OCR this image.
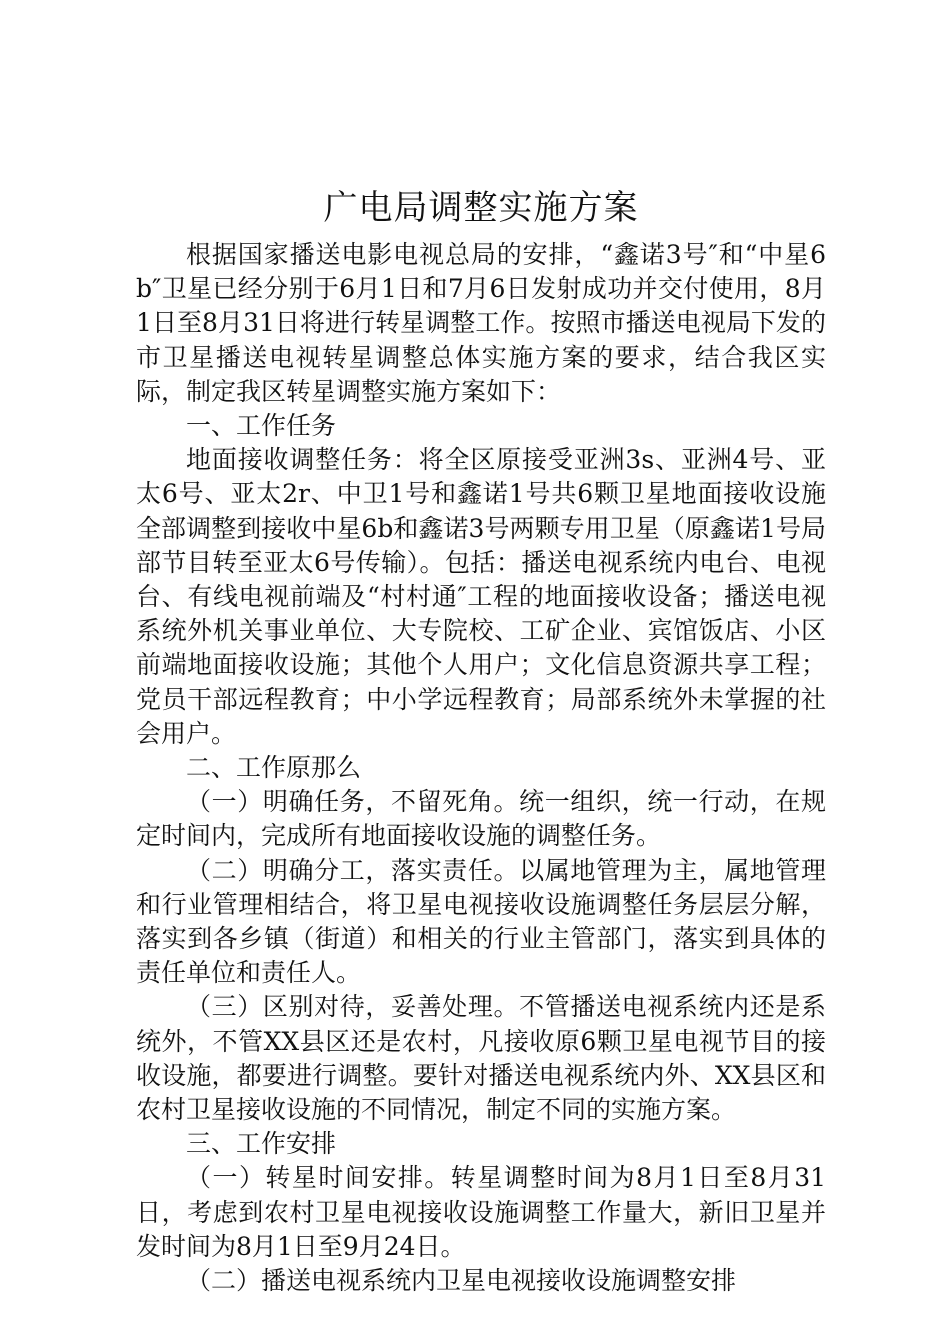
广电局调整实施方案

根据国家播送电影电视总局的安排，“鑫诺3号″和“中星6b″卫星已经分别于6月1日和7月6日发射成功并交付使用，8月1日至8月31日将进行转星调整工作。按照市播送电视局下发的市卫星播送电视转星调整总体实施方案的要求，结合我区实际，制定我区转星调整实施方案如下：

一、工作任务

地面接收调整任务：将全区原接受亚洲3s、亚洲4号、亚太6号、亚太2r、中卫1号和鑫诺1号共6颗卫星地面接收设施全部调整到接收中星6b和鑫诺3号两颗专用卫星（原鑫诺1号局部节目转至亚太6号传输）。包括：播送电视系统内电台、电视台、有线电视前端及“村村通″工程的地面接收设备；播送电视系统外机关事业单位、大专院校、工矿企业、宾馆饭店、小区前端地面接收设施；其他个人用户；文化信息资源共享工程；党员干部远程教育；中小学远程教育；局部系统外未掌握的社会用户。

二、工作原那么

（一）明确任务，不留死角。统一组织，统一行动，在规定时间内，完成所有地面接收设施的调整任务。

（二）明确分工，落实责任。以属地管理为主，属地管理和行业管理相结合，将卫星电视接收设施调整任务层层分解，落实到各乡镇（街道）和相关的行业主管部门，落实到具体的责任单位和责任人。

（三）区别对待，妥善处理。不管播送电视系统内还是系统外，不管XX县区还是农村，凡接收原6颗卫星电视节目的接收设施，都要进行调整。要针对播送电视系统内外、XX县区和农村卫星接收设施的不同情况，制定不同的实施方案。

三、工作安排

（一）转星时间安排。转星调整时间为8月1日至8月31日，考虑到农村卫星电视接收设施调整工作量大，新旧卫星并发时间为8月1日至9月24日。

（二）播送电视系统内卫星电视接收设施调整安排
